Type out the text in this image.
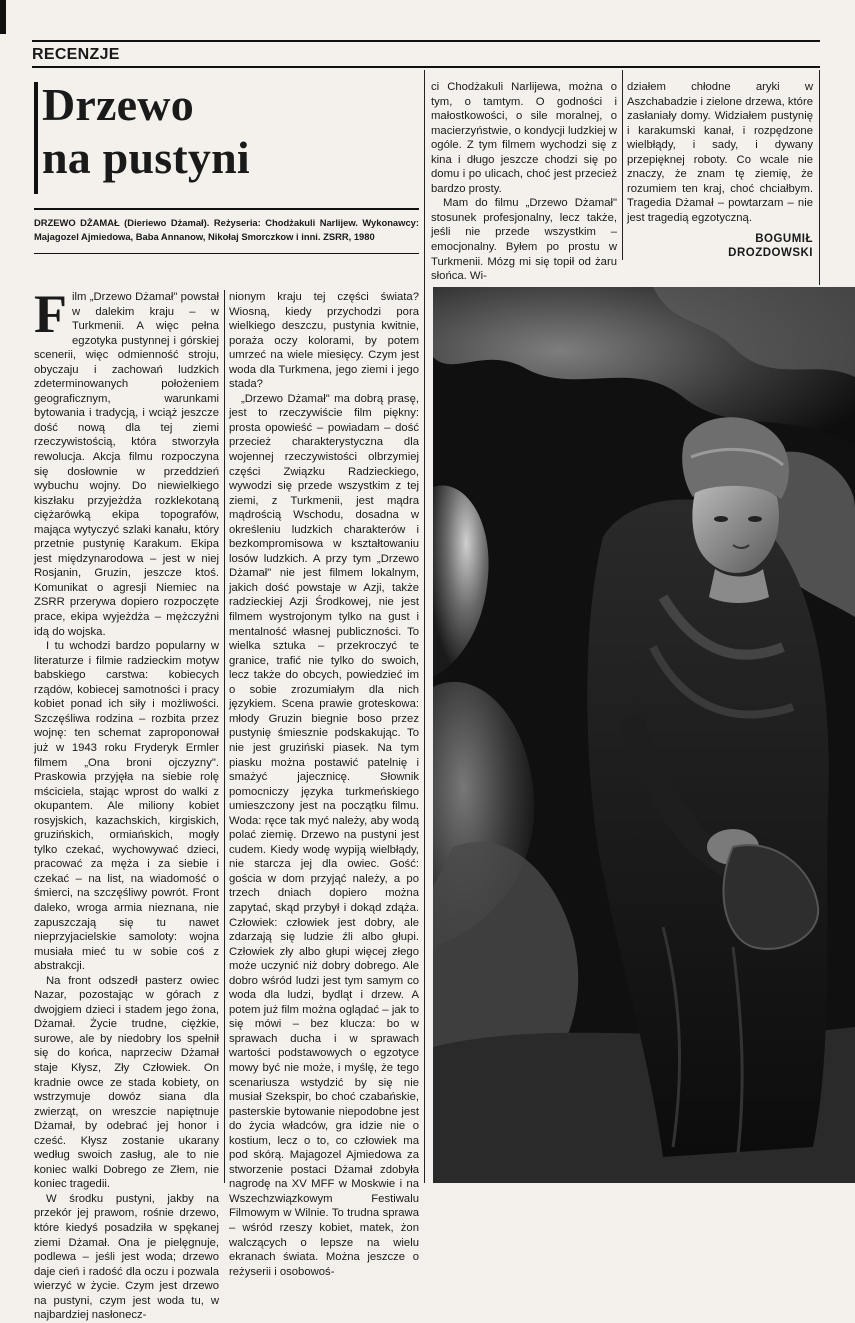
RECENZJE
Drzewo
na pustyni
DRZEWO DŻAMAŁ (Dieriewo Dżamał). Reżyseria: Chodżakuli Narlijew. Wykonawcy: Majagozel Ajmiedowa, Baba Annanow, Nikołaj Smorczkow i inni. ZSRR, 1980

Film „Drzewo Dżamał" powstał w dalekim kraju – w Turkmenii. A więc pełna egzotyka pustynnej i górskiej scenerii, więc odmienność stroju, obyczaju i zachowań ludzkich zdeterminowanych położeniem geograficznym, warunkami bytowania i tradycją, i wciąż jeszcze dość nową dla tej ziemi rzeczywistością, która stworzyła rewolucja. Akcja filmu rozpoczyna się dosłownie w przeddzień wybuchu wojny. Do niewielkiego kiszłaku przyjeżdża rozklekotaną ciężarówką ekipa topografów, mająca wytyczyć szlaki kanału, który przetnie pustynię Karakum. Ekipa jest międzynarodowa – jest w niej Rosjanin, Gruzin, jeszcze ktoś. Komunikat o agresji Niemiec na ZSRR przerywa dopiero rozpoczęte prace, ekipa wyjeżdża – mężczyźni idą do wojska.

I tu wchodzi bardzo popularny w literaturze i filmie radzieckim motyw babskiego carstwa: kobiecych rządów, kobiecej samotności i pracy kobiet ponad ich siły i możliwości. Szczęśliwa rodzina – rozbita przez wojnę: ten schemat zaproponował już w 1943 roku Fryderyk Ermler filmem „Ona broni ojczyzny". Praskowia przyjęła na siebie rolę mściciela, stając wprost do walki z okupantem. Ale miliony kobiet rosyjskich, kazachskich, kirgiskich, gruzińskich, ormiańskich, mogły tylko czekać, wychowywać dzieci, pracować za męża i za siebie i czekać – na list, na wiadomość o śmierci, na szczęśliwy powrót. Front daleko, wroga armia nieznana, nie zapuszczają się tu nawet nieprzyjacielskie samoloty: wojna musiała mieć tu w sobie coś z abstrakcji.

Na front odszedł pasterz owiec Nazar, pozostając w górach z dwojgiem dzieci i stadem jego żona, Dżamał. Życie trudne, ciężkie, surowe, ale by niedobry los spełnił się do końca, naprzeciw Dżamał staje Kłysz, Zły Człowiek. On kradnie owce ze stada kobiety, on wstrzymuje dowóz siana dla zwierząt, on wreszcie napiętnuje Dżamał, by odebrać jej honor i cześć. Kłysz zostanie ukarany według swoich zasług, ale to nie koniec walki Dobrego ze Złem, nie koniec tragedii.

W środku pustyni, jakby na przekór jej prawom, rośnie drzewo, które kiedyś posadziła w spękanej ziemi Dżamał. Ona je pielęgnuje, podlewa – jeśli jest woda; drzewo daje cień i radość dla oczu i pozwala wierzyć w życie. Czym jest drzewo na pustyni, czym jest woda tu, w najbardziej nasłonecz-

nionym kraju tej części świata? Wiosną, kiedy przychodzi pora wielkiego deszczu, pustynia kwitnie, poraża oczy kolorami, by potem umrzeć na wiele miesięcy. Czym jest woda dla Turkmena, jego ziemi i jego stada?

„Drzewo Dżamał" ma dobrą prasę, jest to rzeczywiście film piękny: prosta opowieść – powiadam – dość przecież charakterystyczna dla wojennej rzeczywistości olbrzymiej części Związku Radzieckiego, wywodzi się przede wszystkim z tej ziemi, z Turkmenii, jest mądra mądrością Wschodu, dosadna w określeniu ludzkich charakterów i bezkompromisowa w kształtowaniu losów ludzkich. A przy tym „Drzewo Dżamał" nie jest filmem lokalnym, jakich dość powstaje w Azji, także radzieckiej Azji Środkowej, nie jest filmem wystrojonym tylko na gust i mentalność własnej publiczności. To wielka sztuka – przekroczyć te granice, trafić nie tylko do swoich, lecz także do obcych, powiedzieć im o sobie zrozumiałym dla nich językiem. Scena prawie groteskowa: młody Gruzin biegnie boso przez pustynię śmiesznie podskakując. To nie jest gruziński piasek. Na tym piasku można postawić patelnię i smażyć jajecznicę. Słownik pomocniczy języka turkmeńskiego umieszczony jest na początku filmu. Woda: ręce tak myć należy, aby wodą polać ziemię. Drzewo na pustyni jest cudem. Kiedy wodę wypiją wielbłądy, nie starcza jej dla owiec. Gość: gościa w dom przyjąć należy, a po trzech dniach dopiero można zapytać, skąd przybył i dokąd zdąża. Człowiek: człowiek jest dobry, ale zdarzają się ludzie źli albo głupi. Człowiek zły albo głupi więcej złego może uczynić niż dobry dobrego. Ale dobro wśród ludzi jest tym samym co woda dla ludzi, bydląt i drzew. A potem już film można oglądać – jak to się mówi – bez klucza: bo w sprawach ducha i w sprawach wartości podstawowych o egzotyce mowy być nie może, i myślę, że tego scenariusza wstydzić by się nie musiał Szekspir, bo choć czabańskie, pasterskie bytowanie niepodobne jest do życia władców, gra idzie nie o kostium, lecz o to, co człowiek ma pod skórą. Majagozel Ajmiedowa za stworzenie postaci Dżamał zdobyła nagrodę na XV MFF w Moskwie i na Wszechzwiązkowym Festiwalu Filmowym w Wilnie. To trudna sprawa – wśród rzeszy kobiet, matek, żon walczących o lepsze na wielu ekranach świata. Można jeszcze o reżyserii i osobowoś-

ci Chodżakuli Narlijewa, można o tym, o tamtym. O godności i małostkowości, o sile moralnej, o macierzyństwie, o kondycji ludzkiej w ogóle. Z tym filmem wychodzi się z kina i długo jeszcze chodzi się po domu i po ulicach, choć jest przecież bardzo prosty.

Mam do filmu „Drzewo Dżamał" stosunek profesjonalny, lecz także, jeśli nie przede wszystkim – emocjonalny. Byłem po prostu w Turkmenii. Mózg mi się topił od żaru słońca. Wi-

działem chłodne aryki w Aszchabadzie i zielone drzewa, które zasłaniały domy. Widziałem pustynię i karakumski kanał, i rozpędzone wielbłądy, i sady, i dywany przepięknej roboty. Co wcale nie znaczy, że znam tę ziemię, że rozumiem ten kraj, choć chciałbym. Tragedia Dżamał – powtarzam – nie jest tragedią egzotyczną.

BOGUMIŁ
DROZDOWSKI
